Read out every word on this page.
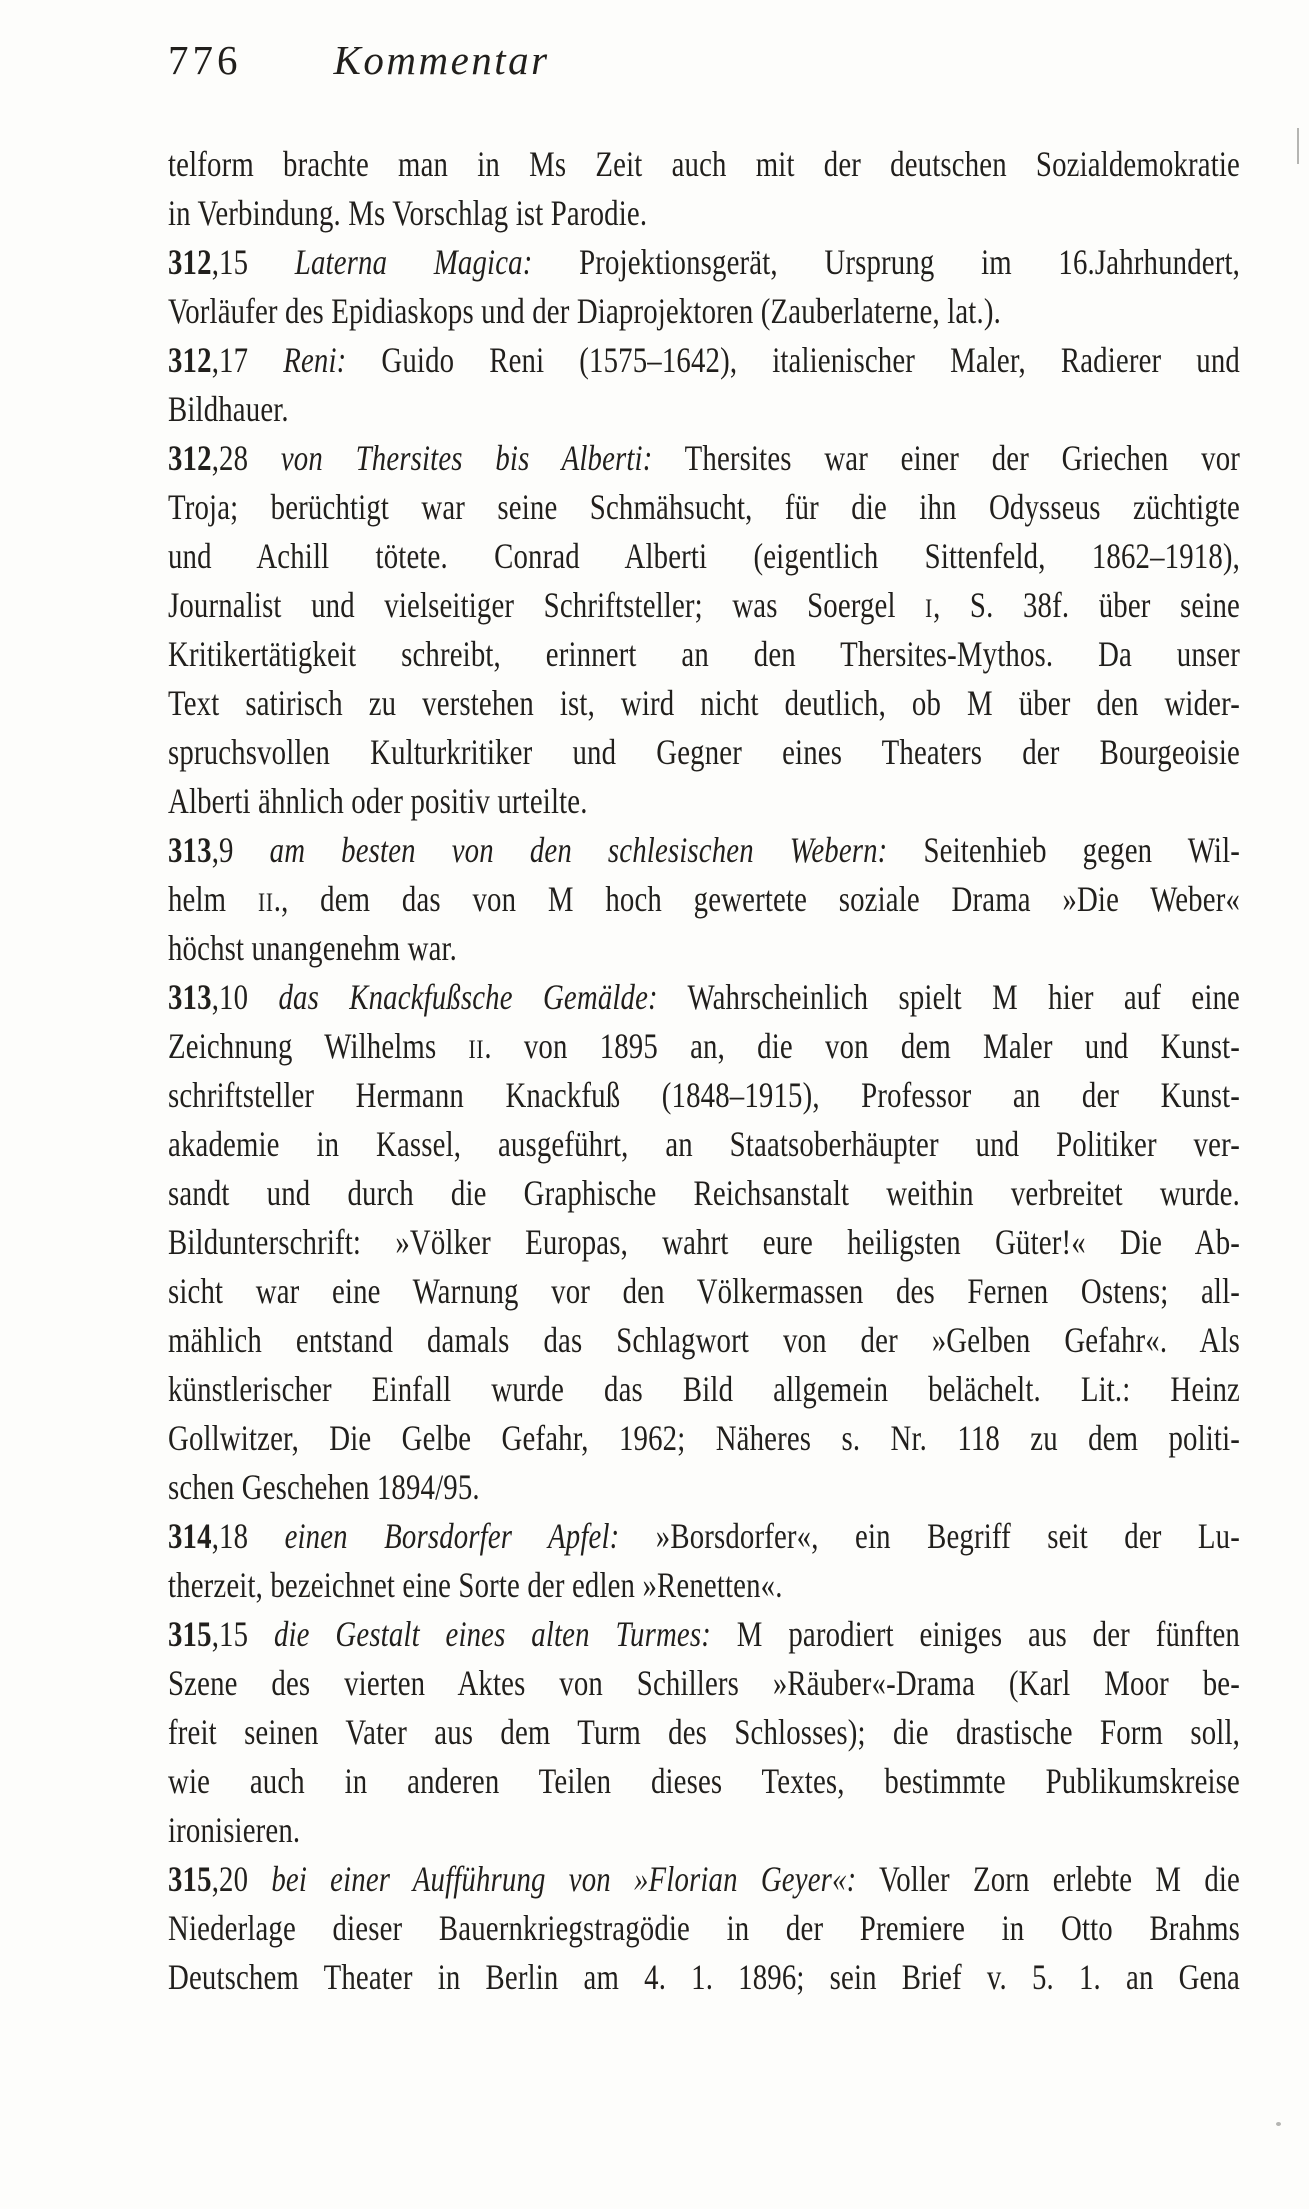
776 Kommentar
telform brachte man in Ms Zeit auch mit der deutschen Sozialdemokratie
in Verbindung. Ms Vorschlag ist Parodie.
312,15 Laterna Magica: Projektionsgerät, Ursprung im 16.Jahrhundert,
Vorläufer des Epidiaskops und der Diaprojektoren (Zauberlaterne, lat.).
312,17 Reni: Guido Reni (1575–1642), italienischer Maler, Radierer und
Bildhauer.
312,28 von Thersites bis Alberti: Thersites war einer der Griechen vor
Troja; berüchtigt war seine Schmähsucht, für die ihn Odysseus züchtigte
und Achill tötete. Conrad Alberti (eigentlich Sittenfeld, 1862–1918),
Journalist und vielseitiger Schriftsteller; was Soergel I, S. 38f. über seine
Kritikertätigkeit schreibt, erinnert an den Thersites-Mythos. Da unser
Text satirisch zu verstehen ist, wird nicht deutlich, ob M über den wider-
spruchsvollen Kulturkritiker und Gegner eines Theaters der Bourgeoisie
Alberti ähnlich oder positiv urteilte.
313,9 am besten von den schlesischen Webern: Seitenhieb gegen Wil-
helm II., dem das von M hoch gewertete soziale Drama »Die Weber«
höchst unangenehm war.
313,10 das Knackfußsche Gemälde: Wahrscheinlich spielt M hier auf eine
Zeichnung Wilhelms II. von 1895 an, die von dem Maler und Kunst-
schriftsteller Hermann Knackfuß (1848–1915), Professor an der Kunst-
akademie in Kassel, ausgeführt, an Staatsoberhäupter und Politiker ver-
sandt und durch die Graphische Reichsanstalt weithin verbreitet wurde.
Bildunterschrift: »Völker Europas, wahrt eure heiligsten Güter!« Die Ab-
sicht war eine Warnung vor den Völkermassen des Fernen Ostens; all-
mählich entstand damals das Schlagwort von der »Gelben Gefahr«. Als
künstlerischer Einfall wurde das Bild allgemein belächelt. Lit.: Heinz
Gollwitzer, Die Gelbe Gefahr, 1962; Näheres s. Nr. 118 zu dem politi-
schen Geschehen 1894/95.
314,18 einen Borsdorfer Apfel: »Borsdorfer«, ein Begriff seit der Lu-
therzeit, bezeichnet eine Sorte der edlen »Renetten«.
315,15 die Gestalt eines alten Turmes: M parodiert einiges aus der fünften
Szene des vierten Aktes von Schillers »Räuber«-Drama (Karl Moor be-
freit seinen Vater aus dem Turm des Schlosses); die drastische Form soll,
wie auch in anderen Teilen dieses Textes, bestimmte Publikumskreise
ironisieren.
315,20 bei einer Aufführung von »Florian Geyer«: Voller Zorn erlebte M die
Niederlage dieser Bauernkriegstragödie in der Premiere in Otto Brahms
Deutschem Theater in Berlin am 4. 1. 1896; sein Brief v. 5. 1. an Gena
